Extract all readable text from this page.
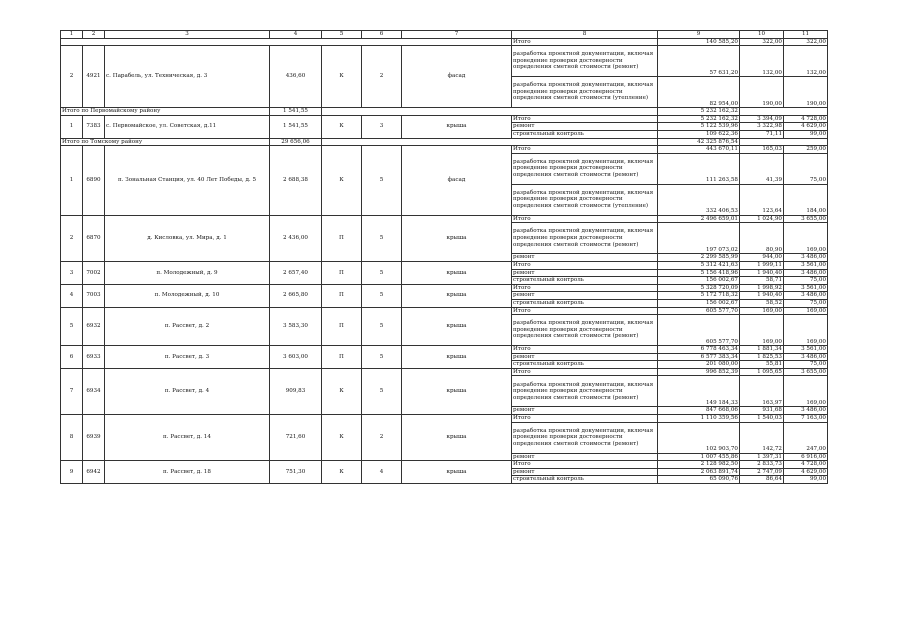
1	2	3	4	5	6	7	8	9	10	11
							Итого	140 585,20	322,00	322,00
2	4921	с. Парабель, ул. Техническая, д. 3	436,60	К	2	фасад	разработка проектной документации, включая проведение проверки достоверности определения сметной стоимости (ремонт)	57 631,20	132,00	132,00
							разработка проектной документации, включая проведение проверки достоверности определения сметной стоимости (утепление)	82 954,00	190,00	190,00
Итого по Первомайскому району			1 541,55					5 232 162,32		
1	7383	с. Первомайское, ул. Советская, д.11	1 541,55	К	3	крыша	Итого	5 232 162,32	3 394,09	4 728,00
							ремонт	5 122 539,96	3 322,98	4 629,00
							строительный контроль	109 622,36	71,11	99,00
Итого по Томскому району			29 656,06					42 325 876,54		
1	6890	п. Зональная Станция, ул. 40 Лет Победы, д. 5	2 688,38	К	5	фасад	Итого	443 670,11	165,03	259,00
							разработка проектной документации, включая проведение проверки достоверности определения сметной стоимости (ремонт)	111 263,58	41,39	75,00
							разработка проектной документации, включая проведение проверки достоверности определения сметной стоимости (утепление)	332 406,53	123,64	184,00
2	6870	д. Кисловка, ул. Мира, д. 1	2 436,00	П	5	крыша	Итого	2 496 659,01	1 024,90	3 655,00
							разработка проектной документации, включая проведение проверки достоверности определения сметной стоимости (ремонт)	197 073,02	80,90	169,00
							ремонт	2 299 585,99	944,00	3 486,00
3	7002	п. Молодежный, д. 9	2 657,40	П	5	крыша	Итого	5 312 421,63	1 999,11	3 561,00
							ремонт	5 156 418,96	1 940,40	3 486,00
							строительный контроль	156 002,67	58,71	75,00
4	7003	п. Молодежный, д. 10	2 665,80	П	5	крыша	Итого	5 328 720,09	1 998,92	3 561,00
							ремонт	5 172 718,32	1 940,40	3 486,00
							строительный контроль	156 002,67	58,52	75,00
5	6932	п. Рассвет, д. 2	3 583,30	П	5	крыша	Итого	605 577,70	169,00	169,00
							разработка проектной документации, включая проведение проверки достоверности определения сметной стоимости (ремонт)	605 577,70	169,00	169,00
6	6933	п. Рассвет, д. 3	3 603,00	П	5	крыша	Итого	6 778 463,34	1 881,34	3 561,00
							ремонт	6 577 383,34	1 825,53	3 486,00
							строительный контроль	201 080,00	55,81	75,00
7	6934	п. Рассвет, д. 4	909,83	К	5	крыша	Итого	996 852,39	1 095,65	3 655,00
							разработка проектной документации, включая проведение проверки достоверности определения сметной стоимости (ремонт)	149 184,33	163,97	169,00
							ремонт	847 668,06	931,68	3 486,00
8	6939	п. Рассвет, д. 14	721,60	К	2	крыша	Итого	1 110 359,56	1 540,03	7 163,00
							разработка проектной документации, включая проведение проверки достоверности определения сметной стоимости (ремонт)	102 903,70	142,72	247,00
							ремонт	1 007 455,86	1 397,31	6 916,00
9	6942	п. Рассвет, д. 18	751,30	К	4	крыша	Итого	2 128 982,50	2 833,73	4 728,00
							ремонт	2 063 891,74	2 747,09	4 629,00
							строительный контроль	65 090,76	86,64	99,00
